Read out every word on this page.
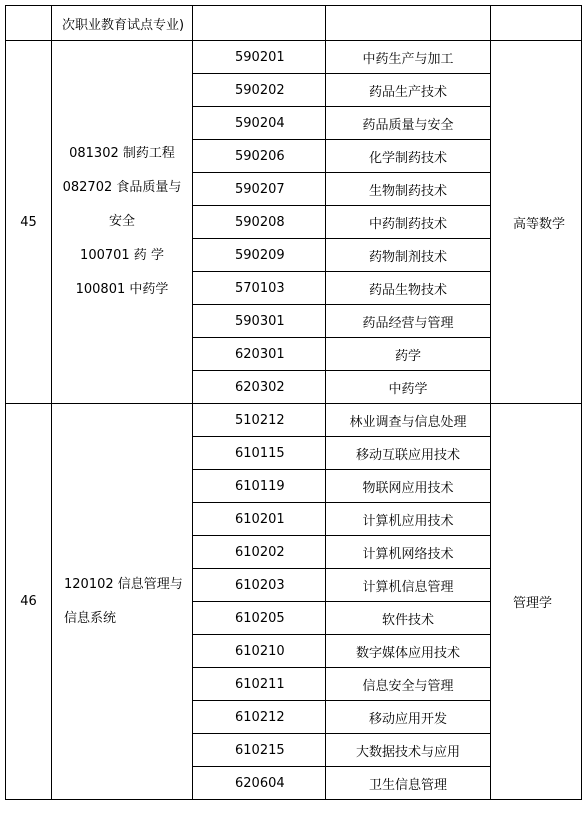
	次职业教育试点专业)			
45	081302 制药工程
082702 食品质量与
安全
100701 药 学
100801 中药学	590201	中药生产与加工	高等数学
		590202	药品生产技术	
		590204	药品质量与安全	
		590206	化学制药技术	
		590207	生物制药技术	
		590208	中药制药技术	
		590209	药物制剂技术	
		570103	药品生物技术	
		590301	药品经营与管理	
		620301	药学	
		620302	中药学	
46	120102 信息管理与
信息系统	510212	林业调查与信息处理	管理学
		610115	移动互联应用技术	
		610119	物联网应用技术	
		610201	计算机应用技术	
		610202	计算机网络技术	
		610203	计算机信息管理	
		610205	软件技术	
		610210	数字媒体应用技术	
		610211	信息安全与管理	
		610212	移动应用开发	
		610215	大数据技术与应用	
		620604	卫生信息管理	
